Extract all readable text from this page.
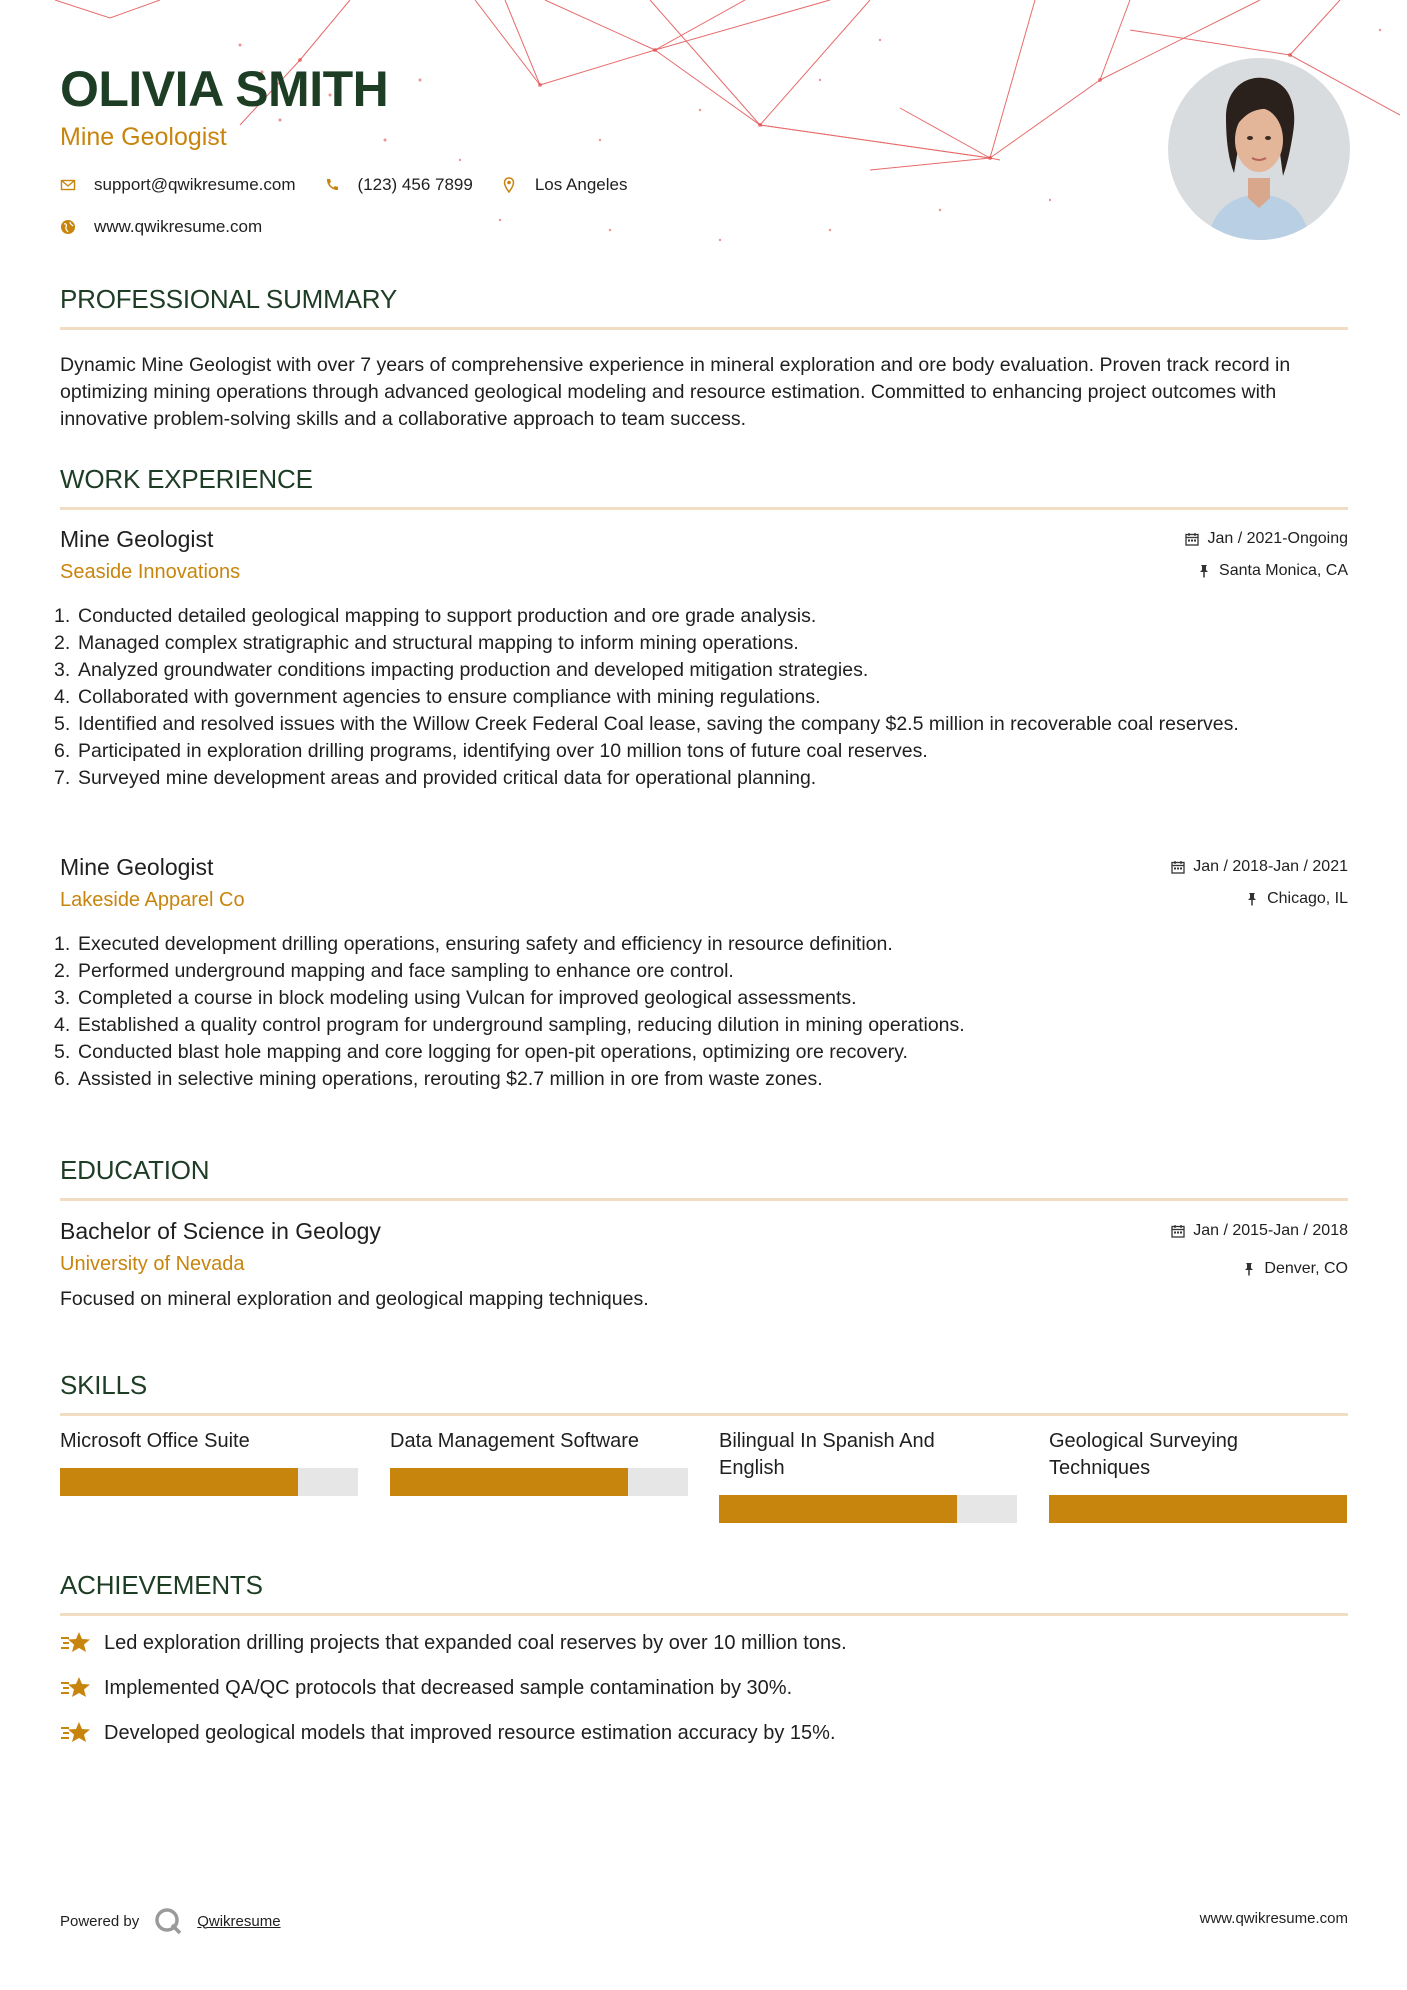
OLIVIA SMITH
Mine Geologist
support@qwikresume.com	(123) 456 7899	Los Angeles
www.qwikresume.com
PROFESSIONAL SUMMARY
Dynamic Mine Geologist with over 7 years of comprehensive experience in mineral exploration and ore body evaluation. Proven track record in optimizing mining operations through advanced geological modeling and resource estimation. Committed to enhancing project outcomes with innovative problem-solving skills and a collaborative approach to team success.
WORK EXPERIENCE
Mine Geologist
Seaside Innovations
Jan / 2021-Ongoing
Santa Monica, CA
1. Conducted detailed geological mapping to support production and ore grade analysis.
2. Managed complex stratigraphic and structural mapping to inform mining operations.
3. Analyzed groundwater conditions impacting production and developed mitigation strategies.
4. Collaborated with government agencies to ensure compliance with mining regulations.
5. Identified and resolved issues with the Willow Creek Federal Coal lease, saving the company $2.5 million in recoverable coal reserves.
6. Participated in exploration drilling programs, identifying over 10 million tons of future coal reserves.
7. Surveyed mine development areas and provided critical data for operational planning.
Mine Geologist
Lakeside Apparel Co
Jan / 2018-Jan / 2021
Chicago, IL
1. Executed development drilling operations, ensuring safety and efficiency in resource definition.
2. Performed underground mapping and face sampling to enhance ore control.
3. Completed a course in block modeling using Vulcan for improved geological assessments.
4. Established a quality control program for underground sampling, reducing dilution in mining operations.
5. Conducted blast hole mapping and core logging for open-pit operations, optimizing ore recovery.
6. Assisted in selective mining operations, rerouting $2.7 million in ore from waste zones.
EDUCATION
Bachelor of Science in Geology
University of Nevada
Focused on mineral exploration and geological mapping techniques.
Jan / 2015-Jan / 2018
Denver, CO
SKILLS
Microsoft Office Suite	Data Management Software	Bilingual In Spanish And English
Geological Surveying Techniques
ACHIEVEMENTS
Led exploration drilling projects that expanded coal reserves by over 10 million tons.
Implemented QA/QC protocols that decreased sample contamination by 30%.
Developed geological models that improved resource estimation accuracy by 15%.
Powered by	Qwikresume	www.qwikresume.com
